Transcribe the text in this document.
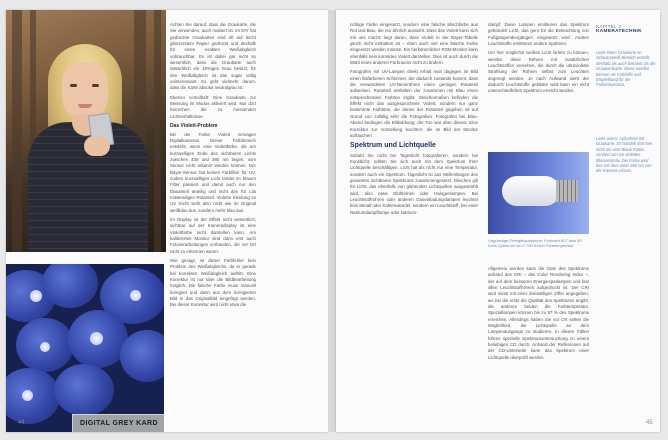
DIGITAL GREY KARD

Achten Sie darauf, dass die Graukarte, die Sie verwenden, auch mattiert ist. Im DIY hat gedruckte Graukarten sind oft auf leicht glänzendem Papier gedruckt und deshalb für einen exakten Weißabgleich unbrauchbar. Es ist dabei gar nicht so wesentlich, dass die Graukarte auch tatsächlich ein 18%iges Grau besitzt; für den Weißabgleich ist das sogar völlig uninteressant. Es geht vielmehr darum, dass die Karte absolut neutralgrau ist.

Ebenso vorteilhaft: Eine Graukarte zur Messung im Modus aktiviert wird. Nur dort herrschen die zu messenden Lichtverhältnisse.

Das Violett-Problem

Bei der Farbe Violett versagen Digitalkameras. Dieser Farbbereich entsteht, wenn eine Violettfarbe, die am kurzwelligen Ende des sichtbaren Lichts zwischen 430 und 390 nm liegen, vom Sensor nicht erkannt werden können. Der Bayer-Sensor hat keinen Farbfilter für UV; zudem kurzwelliges Licht landet im blauen Filter passiert und damit auch nur den blauanteil anteilig und nicht den für Lila notwendigen Rotanteil. Violette Kleidung im UV leicht sieht also nicht wie im Original weißblau aus, sondern mehr blau aus.

Im Display ist der Effekt nicht wesentlich; sichtbar auf der Kameradisplay ist eine Violettfarbe nicht darstellen kann. Am kalibrierten Monitor sind dann erst auch Fotoverarbeitungen vorhanden, die vor Ort nicht zu erkennen waren.

Wie gesagt, ist dieser Farbfehler kein Problem des Weißabgleichs, da er gerade bei korrekten Weißabgleich auftritt. Eine Korrektur ist nur über die Bildbearbeitung möglich. Die falsche Farbe muss manuell korrigiert und dann aus dem korrigierten Bild in das Originalbild eingefügt werden. Bei dieser Korrektur wird nicht etwa die

richtige Farbe eingesetzt, sondern eine falsche Mischfarbe aus Rot und Blau, die nur ähnlich aussieht. Dass das Violett kann sich mit uns macht: liegt daran, dass Violett in der Bayer-Tabelle gleich nicht enthalten ist – eben auch viel eine falsche Farbe eingesetzt werden müsste. Ein herkömmlicher RGB-Monitor kann ebenfalls kein korrektes Violett darstellen. Dies ist auch durch die Wahl eines anderen Farbraums nicht zu ändern.

Fotografen mit UV-Lampen direkt erhalt man dagegen im Bild einen lilafarbenen Schimmer, der dadurch zustande kommt, dass die verwendeten UV-Neonröhren einen geringen Rotanteil aufweisen. Rotanteil enthalten der zusammen mit Blau einen entsprechenden Farbton ergibt. Gleichermaßen befinden die Effekt nicht das ausgesprochene Violett, sondern nur ganz bestimmte Farbtöne, die denen der Rotanteil gegeben ist auf Grund von zufällig sehr die Fotografien. Fotografen bei Blau-Abend bedingen die Bildwirkung; der Ton war über dieses. Eine Korrektur zur Vorstellung leuchten, die im Bild am Monitor auftauchen.

Spektrum und Lichtquelle

Sobald Sie nicht bei Tageslicht fotografieren, sondern bei Kunstlicht, sollten Sie sich auch mit dem Spektrum Ihrer Lichtquelle beschäftigen. Licht hat als nicht nur eine Temperatur, sondern auch ein Spektrum. Tageslicht ist aus Wellenlängen des gesamten sichtbaren Spektrums zusammengesetzt. Gleiches gilt für Licht, das ebenfalls von glühenden Lichtquellen ausgestrahlt wird, also etwa Glühbirnen oder Halogenlampen. Bei Leuchtstoffröhren oder anderen Gasentladungslampen leuchtet kein Metall oder Kohlenwendel, sondern ein Leuchtstoff, bei einer Natriumdampflampe oder Natrium-

dampf. Diese Lampen emittieren das Spektrum gebündelt Licht, das gern für die Beleuchtung von Fußgängerübergängen eingesetzt wird. Andere Leuchtstoffe emittieren andere Spektren.

Um hier möglichst weißes Licht liefern zu können, werden diese Röhren mit zusätzlichen Leuchtstoffen versehen, die durch die ultraviolette Strahlung der Röhren selbst zum Leuchten angeregt werden. Je nach Aufwand sieht der dadurch Leuchtstoffe gebilden wird kann ein nicht unterschiedliches Spektrum erreicht werden.

Ungünstige Energiesparlampe: Farbwert 827 also 80 hohe Spektrum bei 2.700 Kelvin Farbtemperatur.

Allgemein werden kann die Güte des Spektrums anhand des CRI – des Color Rendering Index –, der auf dem besseren Energiesparlampen und fast allen Leuchtstoffröhren aufgedruckt ist. Der CRI wird meist mit einer dreistelligen Ziffer angegeben, wo bei die erste die Qualität des Spektrums angibt, die anderen beiden die Farbtemperatur. Speziallampen können bis zu 97 % des Spektrums erreichen. Allerdings haben Sie vor Ort selten die Möglichkeit, die Lichtquelle an dem Lampenausgangs zu studieren. In diesen Fällen führen spezielle Spektrumuntersuchung zu einem beliebigen CD durch. Anhand der Reflexionen auf der CD-Unterseite kann das Spektrum einer Lichtquelle überprüft werden.

KAPITEL 2
KAMERATECHNIK
Links einen Graukarte im Schwarzweiß-Bereich erstellt, deshalb als auch bekannt als die Grauwertkarte. Diese werden können als Farbhilfe und Empfehlung für die Farbtemperatur.
Links unten: Aufnahme mit Graukarte. Es handelt sich hier nicht um eine Blaue Farbe, sondern um ein violettes Blumenmotiv. Die Farbe wird hier mit dem unter 380 nm von der Kamera erfasst.
44	45
